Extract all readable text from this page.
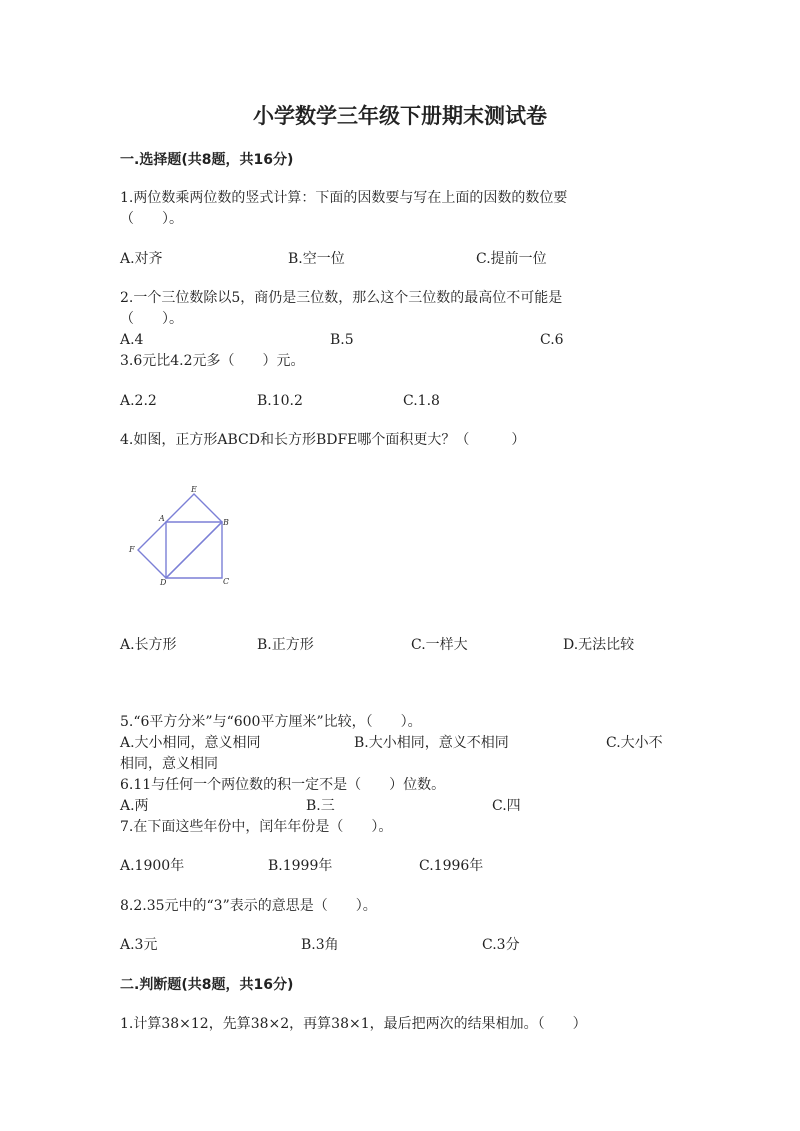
小学数学三年级下册期末测试卷
一.选择题(共8题，共16分)
1.两位数乘两位数的竖式计算：下面的因数要与写在上面的因数的数位要
（　　）。
A.对齐	B.空一位	C.提前一位
2.一个三位数除以5，商仍是三位数，那么这个三位数的最高位不可能是
（　　）。
A.4	B.5	C.6
3.6元比4.2元多（　　）元。
A.2.2	B.10.2	C.1.8
4.如图，正方形ABCD和长方形BDFE哪个面积更大？（　　　）
E
A	B
F
D	C
A.长方形	B.正方形	C.一样大	D.无法比较
5.“6平方分米”与“600平方厘米”比较，（　　）。
A.大小相同，意义相同	B.大小相同，意义不相同	C.大小不
相同，意义相同
6.11与任何一个两位数的积一定不是（　　）位数。
A.两	B.三	C.四
7.在下面这些年份中，闰年年份是（　　）。
A.1900年	B.1999年	C.1996年
8.2.35元中的“3”表示的意思是（　　）。
A.3元	B.3角	C.3分
二.判断题(共8题，共16分)
1.计算38×12，先算38×2，再算38×1，最后把两次的结果相加。（　　）
